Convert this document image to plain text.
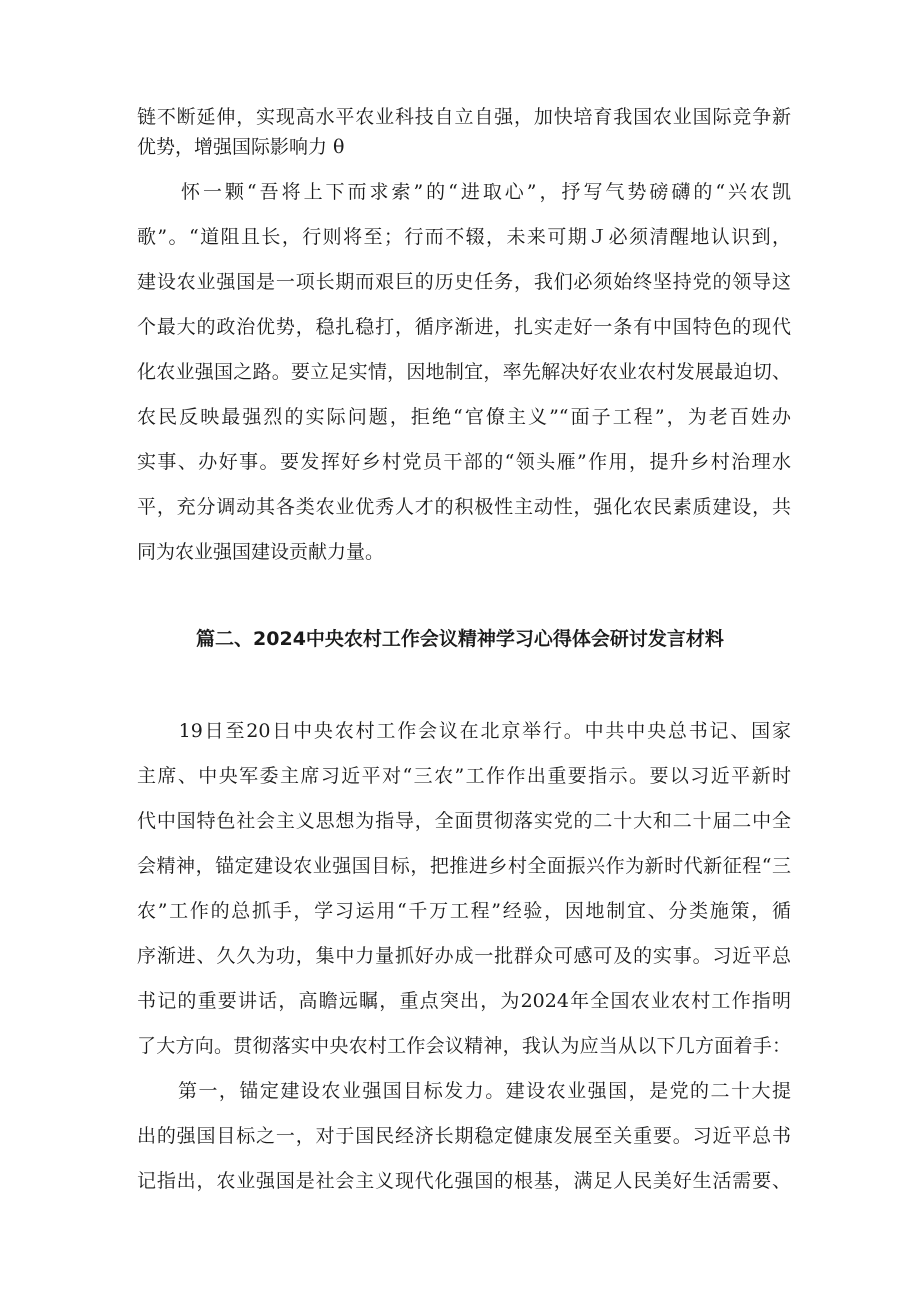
链不断延伸，实现高水平农业科技自立自强，加快培育我国农业国际竞争新
优势，增强国际影响力 θ
　　怀一颗“吾将上下而求索”的“进取心”，抒写气势磅礴的“兴农凯
歌”。“道阻且长，行则将至；行而不辍，未来可期Ｊ必须清醒地认识到，
建设农业强国是一项长期而艰巨的历史任务，我们必须始终坚持党的领导这
个最大的政治优势，稳扎稳打，循序渐进，扎实走好一条有中国特色的现代
化农业强国之路。要立足实情，因地制宜，率先解决好农业农村发展最迫切、
农民反映最强烈的实际问题，拒绝“官僚主义”“面子工程”，为老百姓办
实事、办好事。要发挥好乡村党员干部的“领头雁”作用，提升乡村治理水
平，充分调动其各类农业优秀人才的积极性主动性，强化农民素质建设，共
同为农业强国建设贡献力量。
篇二、2024中央农村工作会议精神学习心得体会研讨发言材料
　　19日至20日中央农村工作会议在北京举行。中共中央总书记、国家
主席、中央军委主席习近平对“三农”工作作出重要指示。要以习近平新时
代中国特色社会主义思想为指导，全面贯彻落实党的二十大和二十届二中全
会精神，锚定建设农业强国目标，把推进乡村全面振兴作为新时代新征程“三
农”工作的总抓手，学习运用“千万工程”经验，因地制宜、分类施策，循
序渐进、久久为功，集中力量抓好办成一批群众可感可及的实事。习近平总
书记的重要讲话，高瞻远瞩，重点突出，为2024年全国农业农村工作指明
了大方向。贯彻落实中央农村工作会议精神，我认为应当从以下几方面着手：
　　第一，锚定建设农业强国目标发力。建设农业强国，是党的二十大提
出的强国目标之一，对于国民经济长期稳定健康发展至关重要。习近平总书
记指出，农业强国是社会主义现代化强国的根基，满足人民美好生活需要、
